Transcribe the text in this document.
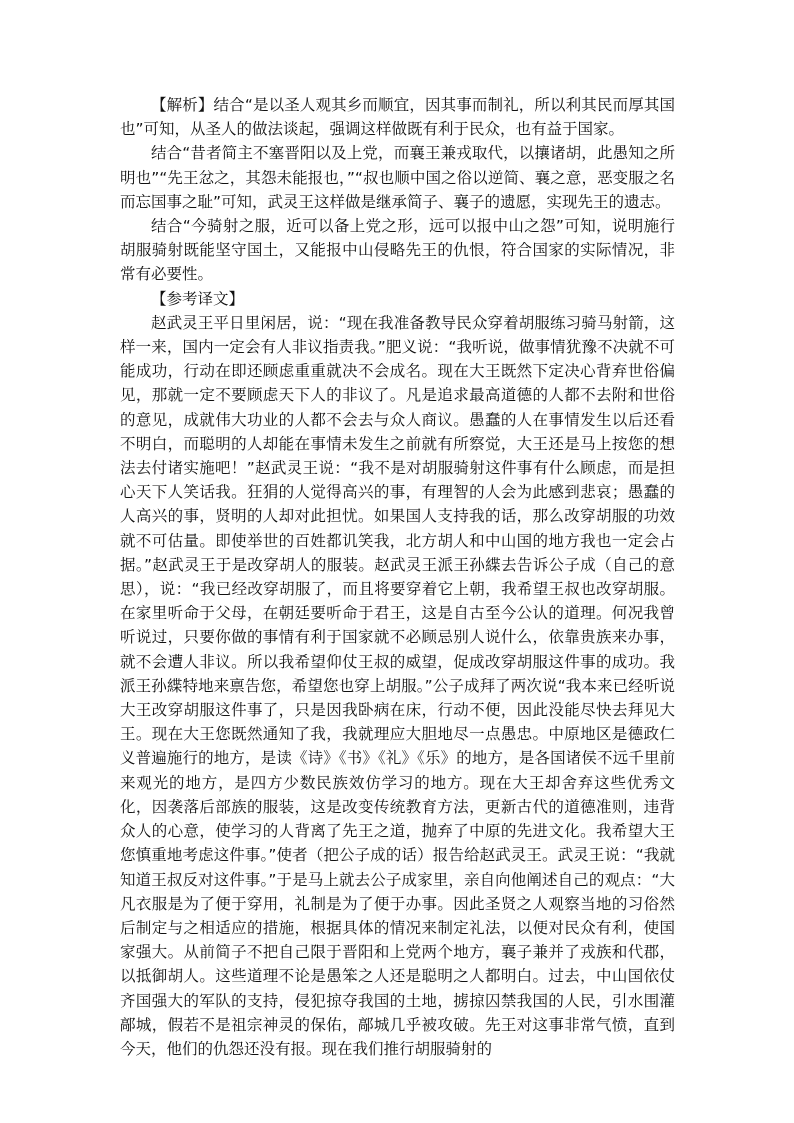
【解析】结合“是以圣人观其乡而顺宜，因其事而制礼，所以利其民而厚其国也”可知，从圣人的做法谈起，强调这样做既有利于民众，也有益于国家。

结合“昔者简主不塞晋阳以及上党，而襄王兼戎取代，以攘诸胡，此愚知之所明也”“先王忿之，其怨未能报也，”“叔也顺中国之俗以逆简、襄之意，恶变服之名而忘国事之耻”可知，武灵王这样做是继承简子、襄子的遗愿，实现先王的遗志。

结合“今骑射之服，近可以备上党之形，远可以报中山之怨”可知，说明施行胡服骑射既能坚守国土，又能报中山侵略先王的仇恨，符合国家的实际情况，非常有必要性。

【参考译文】

赵武灵王平日里闲居，说：“现在我准备教导民众穿着胡服练习骑马射箭，这样一来，国内一定会有人非议指责我。”肥义说：“我听说，做事情犹豫不决就不可能成功，行动在即还顾虑重重就决不会成名。现在大王既然下定决心背弃世俗偏见，那就一定不要顾虑天下人的非议了。凡是追求最高道德的人都不去附和世俗的意见，成就伟大功业的人都不会去与众人商议。愚蠢的人在事情发生以后还看不明白，而聪明的人却能在事情未发生之前就有所察觉，大王还是马上按您的想法去付诸实施吧！”赵武灵王说：“我不是对胡服骑射这件事有什么顾虑，而是担心天下人笑话我。狂狷的人觉得高兴的事，有理智的人会为此感到悲哀；愚蠢的人高兴的事，贤明的人却对此担忧。如果国人支持我的话，那么改穿胡服的功效就不可估量。即使举世的百姓都讥笑我，北方胡人和中山国的地方我也一定会占据。”赵武灵王于是改穿胡人的服装。赵武灵王派王孙緤去告诉公子成（自己的意思），说：“我已经改穿胡服了，而且将要穿着它上朝，我希望王叔也改穿胡服。在家里听命于父母，在朝廷要听命于君王，这是自古至今公认的道理。何况我曾听说过，只要你做的事情有利于国家就不必顾忌别人说什么，依靠贵族来办事，就不会遭人非议。所以我希望仰仗王叔的威望，促成改穿胡服这件事的成功。我派王孙緤特地来禀告您，希望您也穿上胡服。”公子成拜了两次说“我本来已经听说大王改穿胡服这件事了，只是因我卧病在床，行动不便，因此没能尽快去拜见大王。现在大王您既然通知了我，我就理应大胆地尽一点愚忠。中原地区是德政仁义普遍施行的地方，是读《诗》《书》《礼》《乐》的地方，是各国诸侯不远千里前来观光的地方，是四方少数民族效仿学习的地方。现在大王却舍弃这些优秀文化，因袭落后部族的服装，这是改变传统教育方法，更新古代的道德准则，违背众人的心意，使学习的人背离了先王之道，抛弃了中原的先进文化。我希望大王您慎重地考虑这件事。”使者（把公子成的话）报告给赵武灵王。武灵王说：“我就知道王叔反对这件事。”于是马上就去公子成家里，亲自向他阐述自己的观点：“大凡衣服是为了便于穿用，礼制是为了便于办事。因此圣贤之人观察当地的习俗然后制定与之相适应的措施，根据具体的情况来制定礼法，以便对民众有利，使国家强大。从前简子不把自己限于晋阳和上党两个地方，襄子兼并了戎族和代郡，以抵御胡人。这些道理不论是愚笨之人还是聪明之人都明白。过去，中山国依仗齐国强大的军队的支持，侵犯掠夺我国的土地，掳掠囚禁我国的人民，引水围灌鄗城，假若不是祖宗神灵的保佑，鄗城几乎被攻破。先王对这事非常气愤，直到今天，他们的仇怨还没有报。现在我们推行胡服骑射的
